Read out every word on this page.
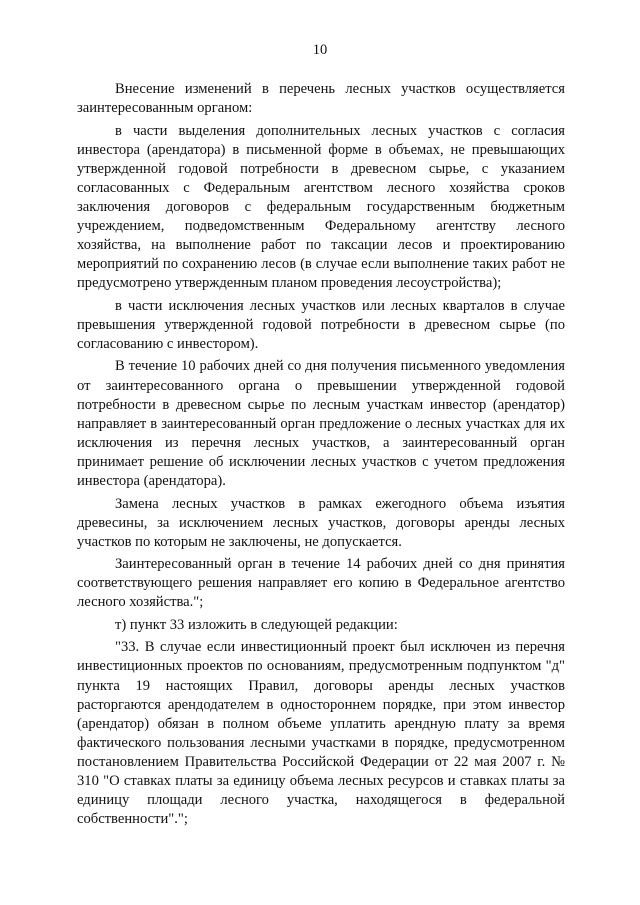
10

Внесение изменений в перечень лесных участков осуществляется заинтересованным органом:

в части выделения дополнительных лесных участков с согласия инвестора (арендатора) в письменной форме в объемах, не превышающих утвержденной годовой потребности в древесном сырье, с указанием согласованных с Федеральным агентством лесного хозяйства сроков заключения договоров с федеральным государственным бюджетным учреждением, подведомственным Федеральному агентству лесного хозяйства, на выполнение работ по таксации лесов и проектированию мероприятий по сохранению лесов (в случае если выполнение таких работ не предусмотрено утвержденным планом проведения лесоустройства);

в части исключения лесных участков или лесных кварталов в случае превышения утвержденной годовой потребности в древесном сырье (по согласованию с инвестором).

В течение 10 рабочих дней со дня получения письменного уведомления от заинтересованного органа о превышении утвержденной годовой потребности в древесном сырье по лесным участкам инвестор (арендатор) направляет в заинтересованный орган предложение о лесных участках для их исключения из перечня лесных участков, а заинтересованный орган принимает решение об исключении лесных участков с учетом предложения инвестора (арендатора).

Замена лесных участков в рамках ежегодного объема изъятия древесины, за исключением лесных участков, договоры аренды лесных участков по которым не заключены, не допускается.

Заинтересованный орган в течение 14 рабочих дней со дня принятия соответствующего решения направляет его копию в Федеральное агентство лесного хозяйства.";

т) пункт 33 изложить в следующей редакции:

"33. В случае если инвестиционный проект был исключен из перечня инвестиционных проектов по основаниям, предусмотренным подпунктом "д" пункта 19 настоящих Правил, договоры аренды лесных участков расторгаются арендодателем в одностороннем порядке, при этом инвестор (арендатор) обязан в полном объеме уплатить арендную плату за время фактического пользования лесными участками в порядке, предусмотренном постановлением Правительства Российской Федерации от 22 мая 2007 г. № 310 "О ставках платы за единицу объема лесных ресурсов и ставках платы за единицу площади лесного участка, находящегося в федеральной собственности".";
